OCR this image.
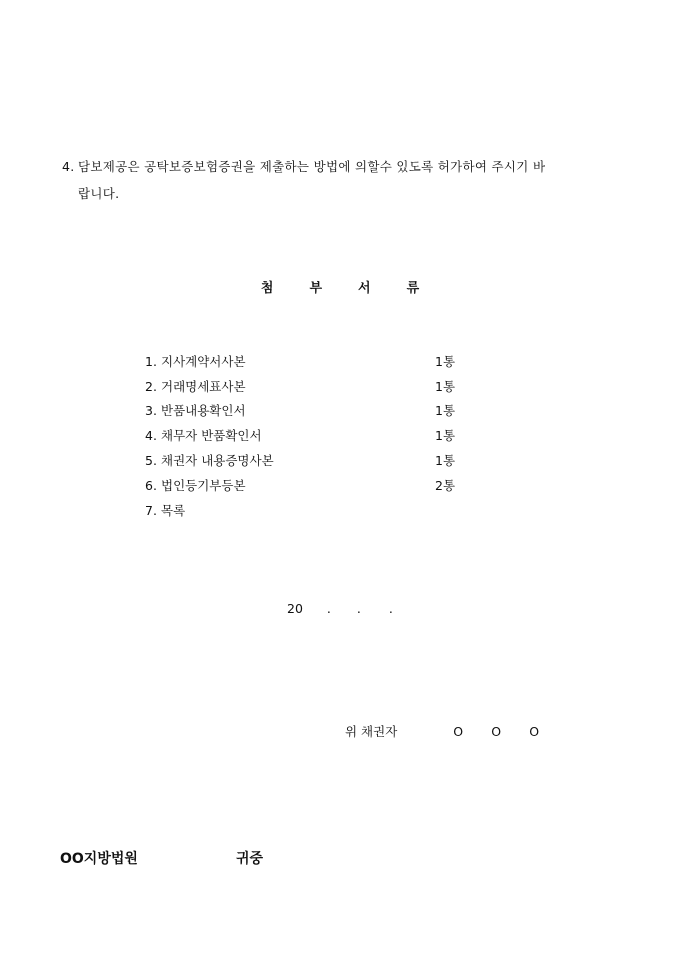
4. 담보제공은 공탁보증보험증권을 제출하는 방법에 의할수 있도록 허가하여 주시기 바
랍니다.
첨	부	서	류
1. 지사계약서사본	1통
2. 거래명세표사본	1통
3. 반품내용확인서	1통
4. 채무자 반품확인서	1통
5. 채권자 내용증명사본	1통
6. 법인등기부등본	2통
7. 목록
20 . . .
위 채권자	O O O
OO지방법원	귀중
